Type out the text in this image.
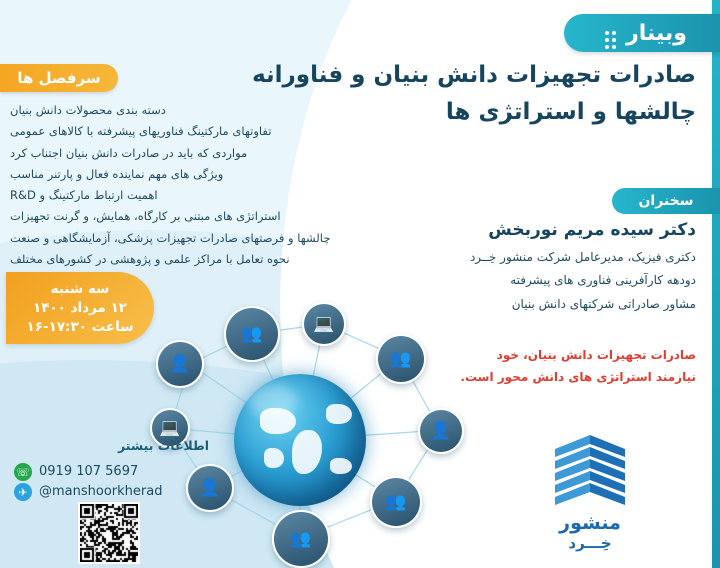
وبینار
صادرات تجهیزات دانش بنیان و فناورانه
چالشها و استراتژی ها
سرفصل ها
دسته بندی محصولات دانش بنیان
تفاوتهای مارکتینگ فناوریهای پیشرفته با کالاهای عمومی
مواردی که باید در صادرات دانش بنیان اجتناب کرد
ویژگی های مهم نماینده فعال و پارتنر مناسب
اهمیت ارتباط مارکتینگ و R&D
استراتژی های مبتنی بر کارگاه، همایش، و گرنت تجهیزات
چالشها و فرصتهای صادرات تجهیزات پزشکی، آزمایشگاهی و صنعت
نحوه تعامل با مراکز علمی و پژوهشی در کشورهای مختلف
سخنران
دکتر سیده مریم نوربخش
دکتری فیزیک، مدیرعامل شرکت منشور خِــرد
دودهه کارآفرینی فناوری های پیشرفته
مشاور صادراتی شرکتهای دانش بنیان
صادرات تجهیزات دانش بنیان، خود
نیازمند استراتژی های دانش محور است.
سه شنبه
۱۲ مرداد ۱۴۰۰
ساعت ۱۷:۳۰-۱۶
👤
👥	💻
👥
👤
👥
👥
👤
💻
اطلاعات بیشتر
☏ 0919 107 5697
✈ @manshoorkherad
منشور
خِـــرد
